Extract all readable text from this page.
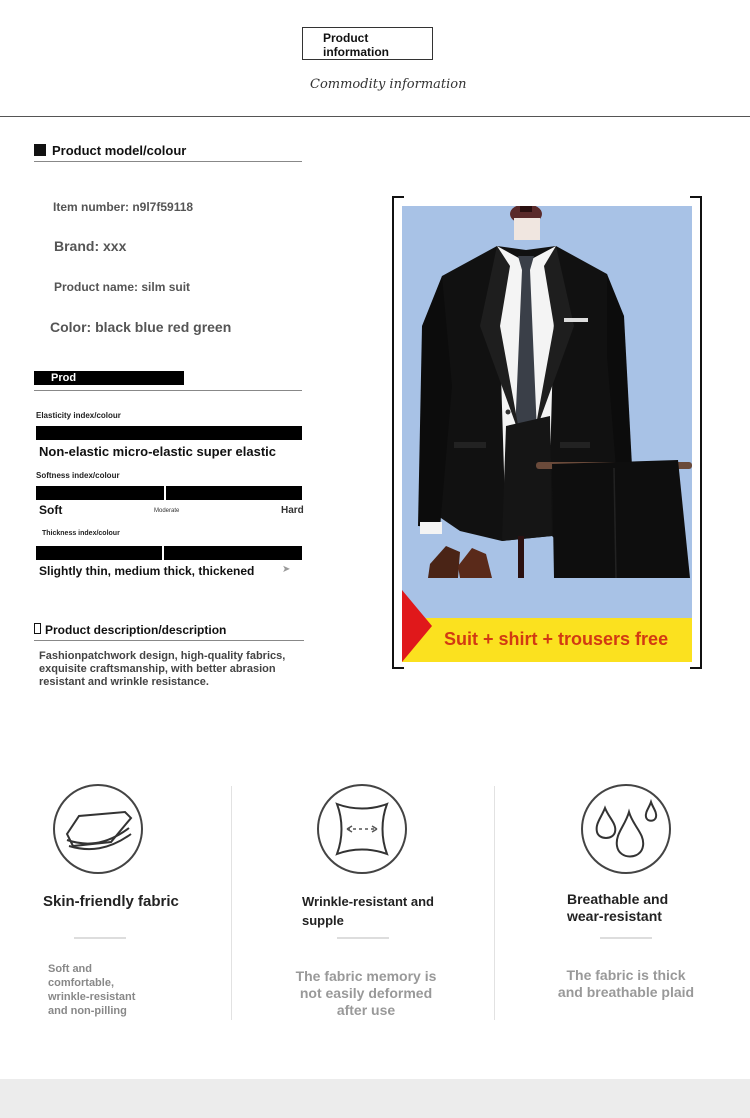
Product information
Commodity information
Product model/colour
Item number: n9l7f59118
Brand: xxx
Product name: silm suit
Color: black blue red green
Prod
Elasticity index/colour
Non-elastic micro-elastic super elastic
Softness index/colour
Soft	Moderate	Hard
Thickness index/colour
Slightly thin, medium thick, thickened	➤
Product description/description
Fashionpatchwork design, high-quality fabrics, exquisite craftsmanship, with better abrasion resistant and wrinkle resistance.
Suit + shirt + trousers free
Skin-friendly fabric
Soft and comfortable, wrinkle-resistant and non-pilling
Wrinkle-resistant and supple
The fabric memory is not easily deformed after use
Breathable and wear-resistant
The fabric is thick and breathable plaid
